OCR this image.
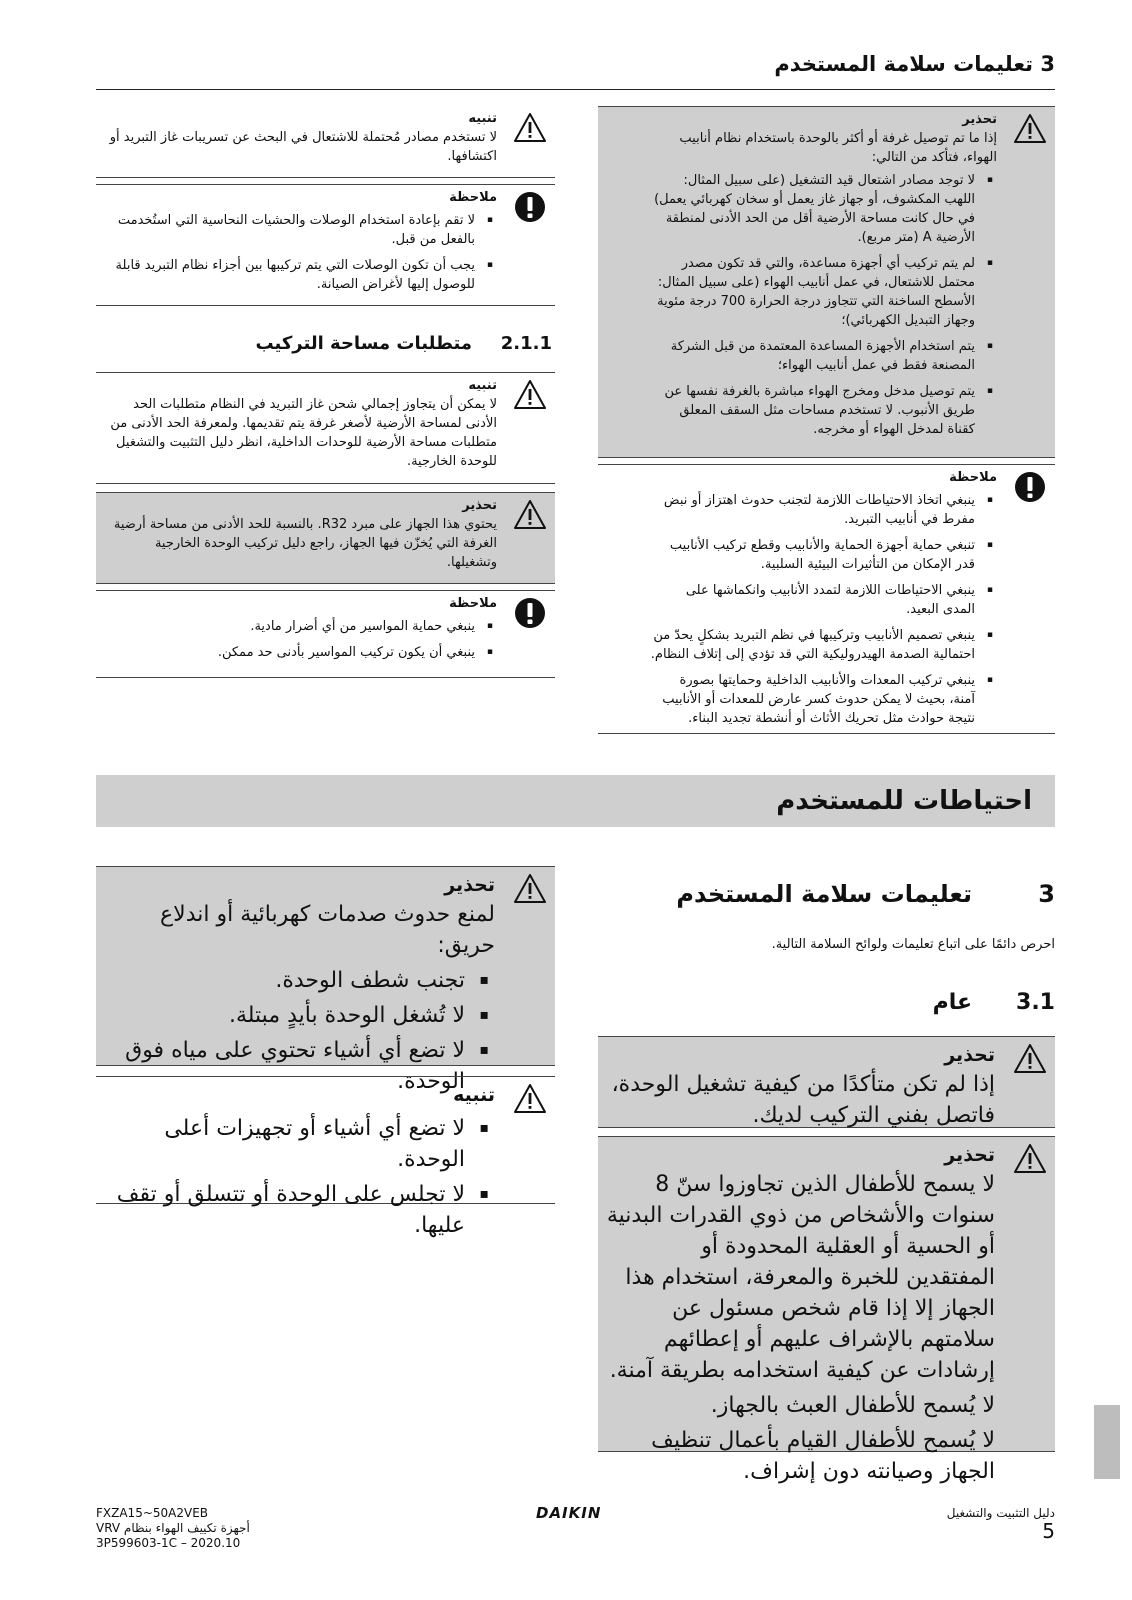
3 تعليمات سلامة المستخدم
تحذير
إذا ما تم توصيل غرفة أو أكثر بالوحدة باستخدام نظام أنابيب الهواء، فتأكد من التالي:
▪ لا توجد مصادر اشتعال قيد التشغيل (على سبيل المثال: اللهب المكشوف، أو جهاز غاز يعمل أو سخان كهربائي يعمل) في حال كانت مساحة الأرضية أقل من الحد الأدنى لمنطقة الأرضية A (متر مربع).
▪ لم يتم تركيب أي أجهزة مساعدة، والتي قد تكون مصدر محتمل للاشتعال، في عمل أنابيب الهواء (على سبيل المثال: الأسطح الساخنة التي تتجاوز درجة الحرارة 700 درجة مئوية وجهاز التبديل الكهربائي)؛
▪ يتم استخدام الأجهزة المساعدة المعتمدة من قبل الشركة المصنعة فقط في عمل أنابيب الهواء؛
▪ يتم توصيل مدخل ومخرج الهواء مباشرة بالغرفة نفسها عن طريق الأنبوب. لا تستخدم مساحات مثل السقف المعلق كقناة لمدخل الهواء أو مخرجه.
ملاحظة
▪ ينبغي اتخاذ الاحتياطات اللازمة لتجنب حدوث اهتزاز أو نبض مفرط في أنابيب التبريد.
▪ تنبغي حماية أجهزة الحماية والأنابيب وقطع تركيب الأنابيب قدر الإمكان من التأثيرات البيئية السلبية.
▪ ينبغي الاحتياطات اللازمة لتمدد الأنابيب وانكماشها على المدى البعيد.
▪ ينبغي تصميم الأنابيب وتركيبها في نظم التبريد بشكلٍ يحدّ من احتمالية الصدمة الهيدروليكية التي قد تؤدي إلى إتلاف النظام.
▪ ينبغي تركيب المعدات والأنابيب الداخلية وحمايتها بصورة آمنة، بحيث لا يمكن حدوث كسر عارض للمعدات أو الأنابيب نتيجة حوادث مثل تحريك الأثاث أو أنشطة تجديد البناء.
تنبيه
لا تستخدم مصادر مُحتملة للاشتعال في البحث عن تسريبات غاز التبريد أو اكتشافها.
ملاحظة
▪ لا تقم بإعادة استخدام الوصلات والحشيات النحاسية التي استُخدمت بالفعل من قبل.
▪ يجب أن تكون الوصلات التي يتم تركيبها بين أجزاء نظام التبريد قابلة للوصول إليها لأغراض الصيانة.
2.1.1
متطلبات مساحة التركيب
تنبيه
لا يمكن أن يتجاوز إجمالي شحن غاز التبريد في النظام متطلبات الحد الأدنى لمساحة الأرضية لأصغر غرفة يتم تقديمها. ولمعرفة الحد الأدنى من متطلبات مساحة الأرضية للوحدات الداخلية، انظر دليل التثبيت والتشغيل للوحدة الخارجية.
تحذير
يحتوي هذا الجهاز على مبرد R32. بالنسبة للحد الأدنى من مساحة أرضية الغرفة التي يُخزّن فيها الجهاز، راجع دليل تركيب الوحدة الخارجية وتشغيلها.
ملاحظة
▪ ينبغي حماية المواسير من أي أضرار مادية.
▪ ينبغي أن يكون تركيب المواسير بأدنى حد ممكن.
احتياطات للمستخدم
3
تعليمات سلامة المستخدم
احرص دائمًا على اتباع تعليمات ولوائح السلامة التالية.
3.1
عام
تحذير
إذا لم تكن متأكدًا من كيفية تشغيل الوحدة، فاتصل بفني التركيب لديك.
تحذير
لا يسمح للأطفال الذين تجاوزوا سنّ 8 سنوات والأشخاص من ذوي القدرات البدنية أو الحسية أو العقلية المحدودة أو المفتقدين للخبرة والمعرفة، استخدام هذا الجهاز إلا إذا قام شخص مسئول عن سلامتهم بالإشراف عليهم أو إعطائهم إرشادات عن كيفية استخدامه بطريقة آمنة.
لا يُسمح للأطفال العبث بالجهاز.
لا يُسمح للأطفال القيام بأعمال تنظيف الجهاز وصيانته دون إشراف.
تحذير
لمنع حدوث صدمات كهربائية أو اندلاع حريق:
▪ تجنب شطف الوحدة.
▪ لا تُشغل الوحدة بأيدٍ مبتلة.
▪ لا تضع أي أشياء تحتوي على مياه فوق الوحدة.
تنبيه
▪ لا تضع أي أشياء أو تجهيزات أعلى الوحدة.
▪ لا تجلس على الوحدة أو تتسلق أو تقف عليها.
FXZA15~50A2VEB
أجهزة تكييف الهواء بنظام VRV
3P599603-1C – 2020.10
DAIKIN	دليل التثبيت والتشغيل
5
